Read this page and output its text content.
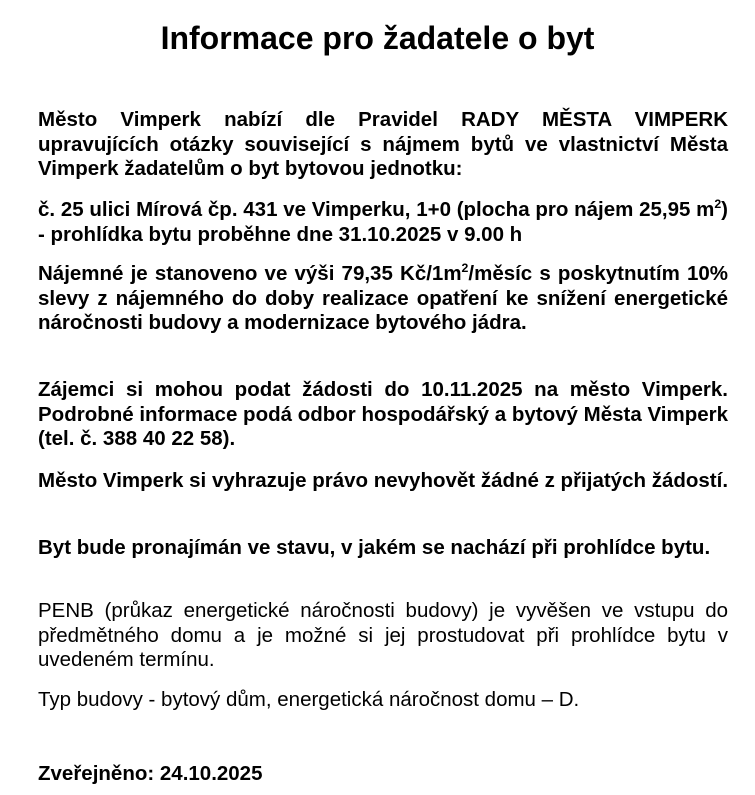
Informace pro žadatele o byt

Město Vimperk nabízí dle Pravidel RADY MĚSTA VIMPERK upravujících otázky související s nájmem bytů ve vlastnictví Města Vimperk žadatelům o byt bytovou jednotku:

č. 25 ulici Mírová čp. 431 ve Vimperku, 1+0 (plocha pro nájem 25,95 $m^2$) - prohlídka bytu proběhne dne 31.10.2025 v 9.00 h

Nájemné je stanoveno ve výši 79,35 $Kč/1m^2$/měsíc s poskytnutím 10% slevy z nájemného do doby realizace opatření ke snížení energetické náročnosti budovy a modernizace bytového jádra.

Zájemci si mohou podat žádosti do 10.11.2025 na město Vimperk. Podrobné informace podá odbor hospodářský a bytový Města Vimperk (tel. č. 388 40 22 58).

Město Vimperk si vyhrazuje právo nevyhovět žádné z přijatých žádostí.

Byt bude pronajímán ve stavu, v jakém se nachází při prohlídce bytu.

PENB (průkaz energetické náročnosti budovy) je vyvěšen ve vstupu do předmětného domu a je možné si jej prostudovat při prohlídce bytu v uvedeném termínu.

Typ budovy - bytový dům, energetická náročnost domu – D.

Zveřejněno: 24.10.2025
